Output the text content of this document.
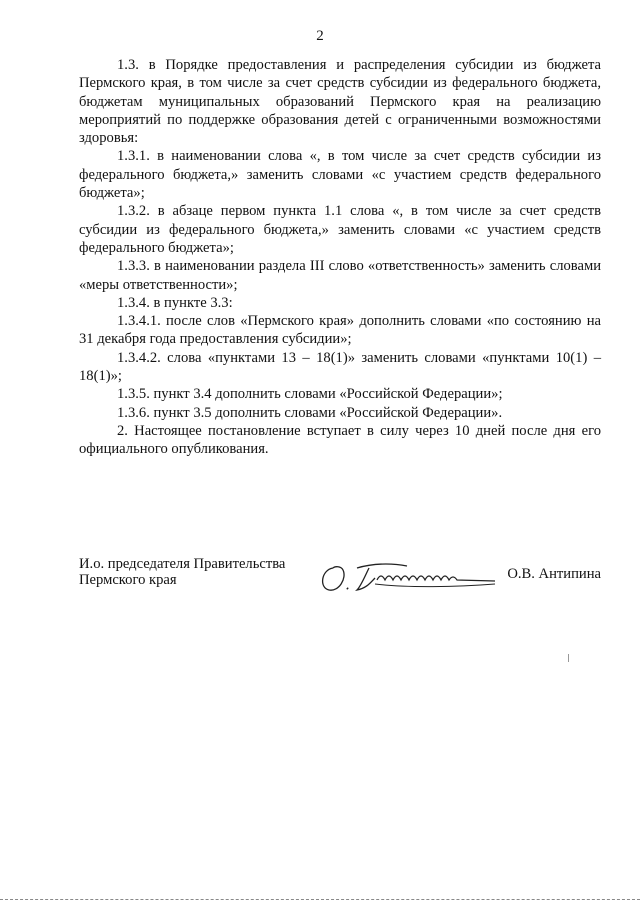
2

1.3. в Порядке предоставления и распределения субсидии из бюджета Пермского края, в том числе за счет средств субсидии из федерального бюджета, бюджетам муниципальных образований Пермского края на реализацию мероприятий по поддержке образования детей с ограниченными возможностями здоровья:

1.3.1. в наименовании слова «, в том числе за счет средств субсидии из федерального бюджета,» заменить словами «с участием средств федерального бюджета»;

1.3.2. в абзаце первом пункта 1.1 слова «, в том числе за счет средств субсидии из федерального бюджета,» заменить словами «с участием средств федерального бюджета»;

1.3.3. в наименовании раздела III слово «ответственность» заменить словами «меры ответственности»;

1.3.4. в пункте 3.3:

1.3.4.1. после слов «Пермского края» дополнить словами «по состоянию на 31 декабря года предоставления субсидии»;

1.3.4.2. слова «пунктами 13 – 18(1)» заменить словами «пунктами 10(1) – 18(1)»;

1.3.5. пункт 3.4 дополнить словами «Российской Федерации»;

1.3.6. пункт 3.5 дополнить словами «Российской Федерации».

2. Настоящее постановление вступает в силу через 10 дней после дня его официального опубликования.

И.о. председателя Правительства
Пермского края	О.В. Антипина
